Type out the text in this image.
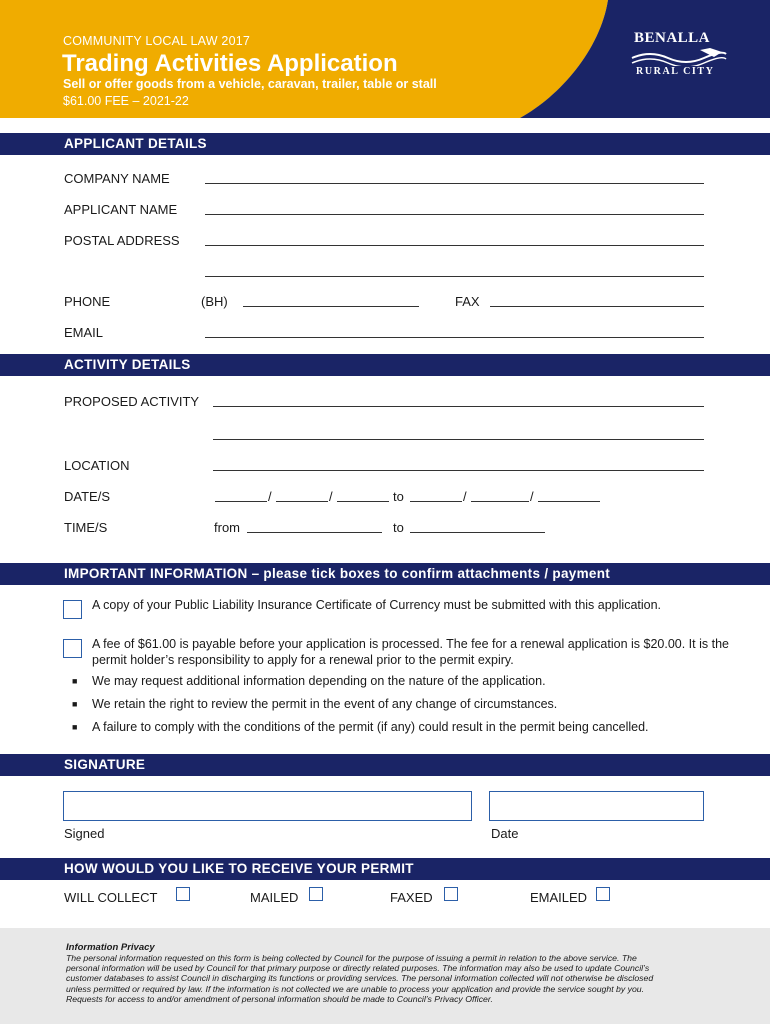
COMMUNITY LOCAL LAW 2017
Trading Activities Application
Sell or offer goods from a vehicle, caravan, trailer, table or stall
$61.00 FEE – 2021-22
BENALLA
RURAL CITY
APPLICANT DETAILS
COMPANY NAME
APPLICANT NAME
POSTAL ADDRESS
PHONE	(BH)	FAX
EMAIL
ACTIVITY DETAILS
PROPOSED ACTIVITY
LOCATION
DATE/S	/	/	to	/	/
TIME/S	from	to
IMPORTANT INFORMATION – please tick boxes to confirm attachments / payment
A copy of your Public Liability Insurance Certificate of Currency must be submitted with this application.
A fee of $61.00 is payable before your application is processed. The fee for a renewal application is $20.00. It is the permit holder’s responsibility to apply for a renewal prior to the permit expiry.
■ We may request additional information depending on the nature of the application.
■ We retain the right to review the permit in the event of any change of circumstances.
■ A failure to comply with the conditions of the permit (if any) could result in the permit being cancelled.
SIGNATURE
Signed	Date
HOW WOULD YOU LIKE TO RECEIVE YOUR PERMIT
WILL COLLECT	MAILED	FAXED	EMAILED
Information Privacy
The personal information requested on this form is being collected by Council for the purpose of issuing a permit in relation to the above service. The personal information will be used by Council for that primary purpose or directly related purposes. The information may also be used to update Council’s customer databases to assist Council in discharging its functions or providing services. The personal information collected will not otherwise be disclosed unless permitted or required by law. If the information is not collected we are unable to process your application and provide the service sought by you. Requests for access to and/or amendment of personal information should be made to Council’s Privacy Officer.
